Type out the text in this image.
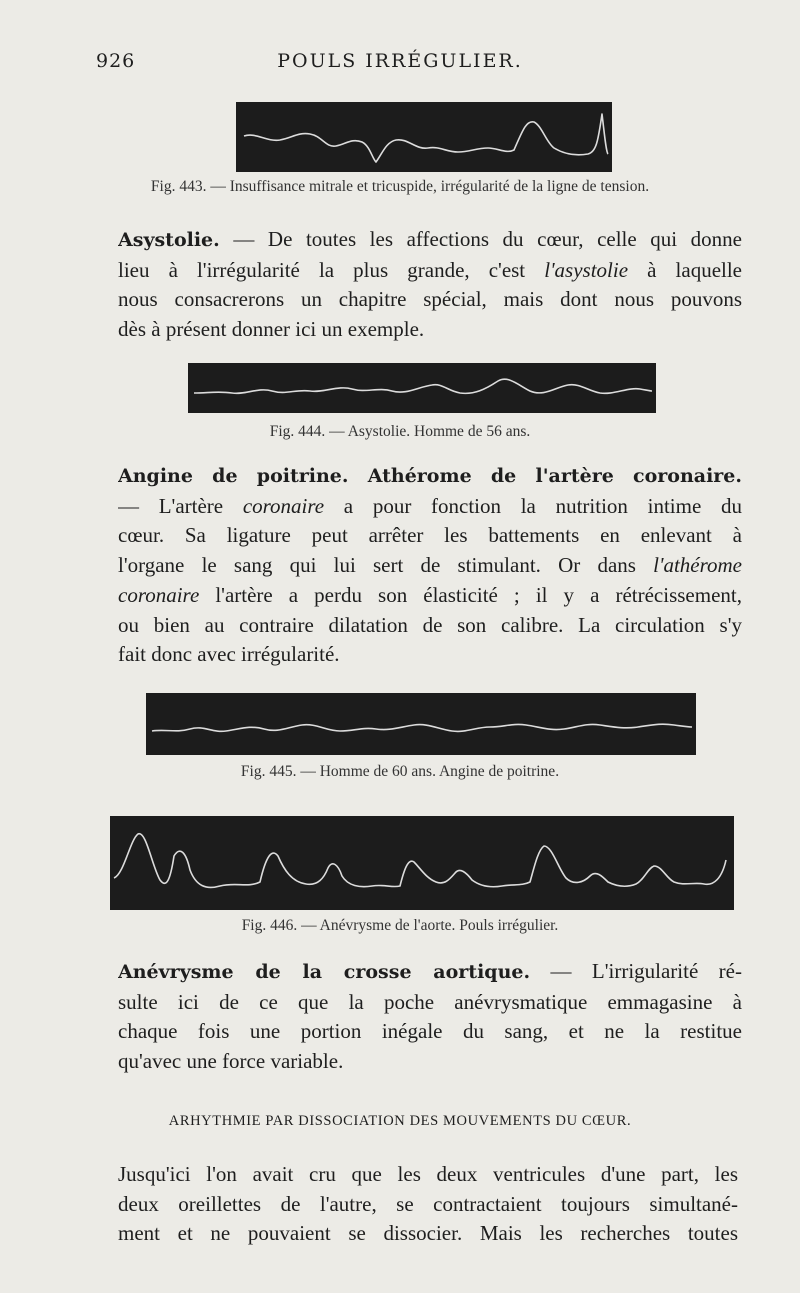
926	POULS IRRÉGULIER.
Fig. 443. — Insuffisance mitrale et tricuspide, irrégularité de la ligne de tension.
Asystolie. — De toutes les affections du cœur, celle qui donne
lieu à l'irrégularité la plus grande, c'est l'asystolie à laquelle
nous consacrerons un chapitre spécial, mais dont nous pouvons
dès à présent donner ici un exemple.
Fig. 444. — Asystolie. Homme de 56 ans.
Angine de poitrine. Athérome de l'artère coronaire.
— L'artère coronaire a pour fonction la nutrition intime du
cœur. Sa ligature peut arrêter les battements en enlevant à
l'organe le sang qui lui sert de stimulant. Or dans l'athérome
coronaire l'artère a perdu son élasticité ; il y a rétrécissement,
ou bien au contraire dilatation de son calibre. La circulation s'y
fait donc avec irrégularité.
Fig. 445. — Homme de 60 ans. Angine de poitrine.
Fig. 446. — Anévrysme de l'aorte. Pouls irrégulier.
Anévrysme de la crosse aortique. — L'irrigularité ré-
sulte ici de ce que la poche anévrysmatique emmagasine à
chaque fois une portion inégale du sang, et ne la restitue
qu'avec une force variable.
ARHYTHMIE PAR DISSOCIATION DES MOUVEMENTS DU CŒUR.
Jusqu'ici l'on avait cru que les deux ventricules d'une part, les
deux oreillettes de l'autre, se contractaient toujours simultané-
ment et ne pouvaient se dissocier. Mais les recherches toutes
